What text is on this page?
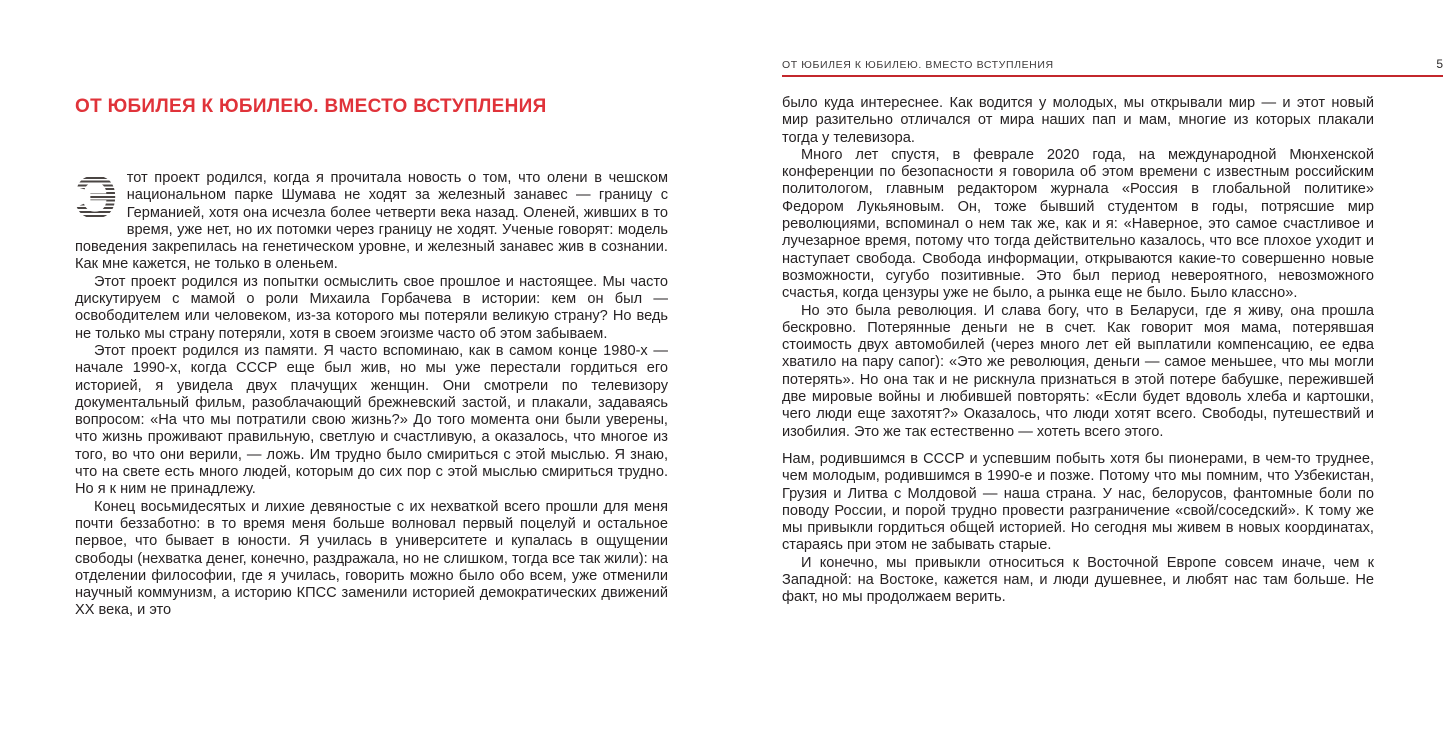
ОТ ЮБИЛЕЯ К ЮБИЛЕЮ. ВМЕСТО ВСТУПЛЕНИЯ	5
ОТ ЮБИЛЕЯ К ЮБИЛЕЮ. ВМЕСТО ВСТУПЛЕНИЯ

Э тот проект родился, когда я прочитала новость о том, что олени в чешском национальном парке Шумава не ходят за железный занавес — границу с Германией, хотя она исчезла более четверти века назад. Оленей, живших в то время, уже нет, но их потомки через границу не ходят. Ученые говорят: модель поведения закрепилась на генетическом уровне, и железный занавес жив в сознании. Как мне кажется, не только в оленьем.

Этот проект родился из попытки осмыслить свое прошлое и настоящее. Мы часто дискутируем с мамой о роли Михаила Горбачева в истории: кем он был — освободителем или человеком, из-за которого мы потеряли великую страну? Но ведь не только мы страну потеряли, хотя в своем эгоизме часто об этом забываем.

Этот проект родился из памяти. Я часто вспоминаю, как в самом конце 1980-х — начале 1990-х, когда СССР еще был жив, но мы уже перестали гордиться его историей, я увидела двух плачущих женщин. Они смотрели по телевизору документальный фильм, разоблачающий брежневский застой, и плакали, задаваясь вопросом: «На что мы потратили свою жизнь?» До того момента они были уверены, что жизнь проживают правильную, светлую и счастливую, а оказалось, что многое из того, во что они верили, — ложь. Им трудно было смириться с этой мыслью. Я знаю, что на свете есть много людей, которым до сих пор с этой мыслью смириться трудно. Но я к ним не принадлежу.

Конец восьмидесятых и лихие девяностые с их нехваткой всего прошли для меня почти беззаботно: в то время меня больше волновал первый поцелуй и остальное первое, что бывает в юности. Я училась в университете и купалась в ощущении свободы (нехватка денег, конечно, раздражала, но не слишком, тогда все так жили): на отделении философии, где я училась, говорить можно было обо всем, уже отменили научный коммунизм, а историю КПСС заменили историей демократических движений XX века, и это

было куда интереснее. Как водится у молодых, мы открывали мир — и этот новый мир разительно отличался от мира наших пап и мам, многие из которых плакали тогда у телевизора.

Много лет спустя, в феврале 2020 года, на международной Мюнхенской конференции по безопасности я говорила об этом времени с известным российским политологом, главным редактором журнала «Россия в глобальной политике» Федором Лукьяновым. Он, тоже бывший студентом в годы, потрясшие мир революциями, вспоминал о нем так же, как и я: «Наверное, это самое счастливое и лучезарное время, потому что тогда действительно казалось, что все плохое уходит и наступает свобода. Свобода информации, открываются какие-то совершенно новые возможности, сугубо позитивные. Это был период невероятного, невозможного счастья, когда цензуры уже не было, а рынка еще не было. Было классно».

Но это была революция. И слава богу, что в Беларуси, где я живу, она прошла бескровно. Потерянные деньги не в счет. Как говорит моя мама, потерявшая стоимость двух автомобилей (через много лет ей выплатили компенсацию, ее едва хватило на пару сапог): «Это же революция, деньги — самое меньшее, что мы могли потерять». Но она так и не рискнула признаться в этой потере бабушке, пережившей две мировые войны и любившей повторять: «Если будет вдоволь хлеба и картошки, чего люди еще захотят?» Оказалось, что люди хотят всего. Свободы, путешествий и изобилия. Это же так естественно — хотеть всего этого.

Нам, родившимся в СССР и успевшим побыть хотя бы пионерами, в чем-то труднее, чем молодым, родившимся в 1990-е и позже. Потому что мы помним, что Узбекистан, Грузия и Литва с Молдовой — наша страна. У нас, белорусов, фантомные боли по поводу России, и порой трудно провести разграничение «свой/соседский». К тому же мы привыкли гордиться общей историей. Но сегодня мы живем в новых координатах, стараясь при этом не забывать старые.

И конечно, мы привыкли относиться к Восточной Европе совсем иначе, чем к Западной: на Востоке, кажется нам, и люди душевнее, и любят нас там больше. Не факт, но мы продолжаем верить.
